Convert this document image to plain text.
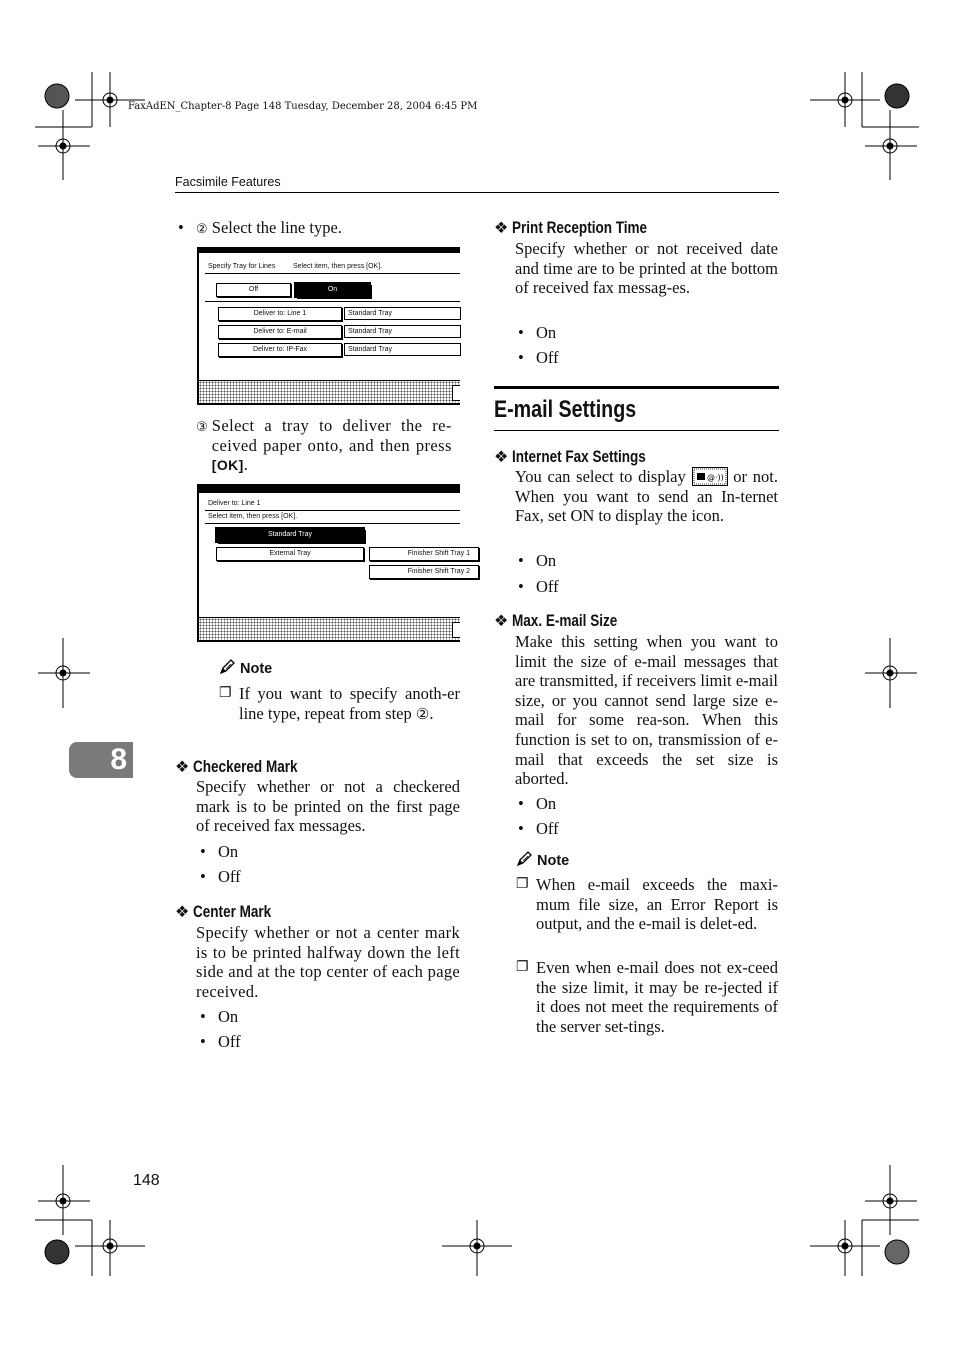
FaxAdEN_Chapter-8 Page 148 Tuesday, December 28, 2004 6:45 PM
Facsimile Features
8
• ② Select the line type.
Specify Tray for Lines	Select item, then press [OK].
Off	On
Deliver to: Line 1	Standard Tray
Deliver to: E-mail	Standard Tray
Deliver to: IP-Fax	Standard Tray
③ Select a tray to deliver the re-ceived paper onto, and then press [OK].
Deliver to: Line 1
Select item, then press [OK].
Standard Tray
External Tray	Finisher Shift Tray 1
Finisher Shift Tray 2
Note
❐ If you want to specify anoth-er line type, repeat from step ②.
❖ Checkered Mark
Specify whether or not a checkered mark is to be printed on the first page of received fax messages.
• On
• Off
❖ Center Mark
Specify whether or not a center mark is to be printed halfway down the left side and at the top center of each page received.
• On
• Off
❖ Print Reception Time
Specify whether or not received date and time are to be printed at the bottom of received fax messag-es.
• On
• Off
E-mail Settings
❖ Internet Fax Settings
You can select to display	@·)) or not. When you want to send an In-ternet Fax, set ON to display the icon.
• On
• Off
❖ Max. E-mail Size
Make this setting when you want to limit the size of e-mail messages that are transmitted, if receivers limit e-mail size, or you cannot send large size e-mail for some rea-son. When this function is set to on, transmission of e-mail that exceeds the set size is aborted.
• On
• Off
Note
❐ When e-mail exceeds the maxi-mum file size, an Error Report is output, and the e-mail is delet-ed.
❐ Even when e-mail does not ex-ceed the size limit, it may be re-jected if it does not meet the requirements of the server set-tings.
148
